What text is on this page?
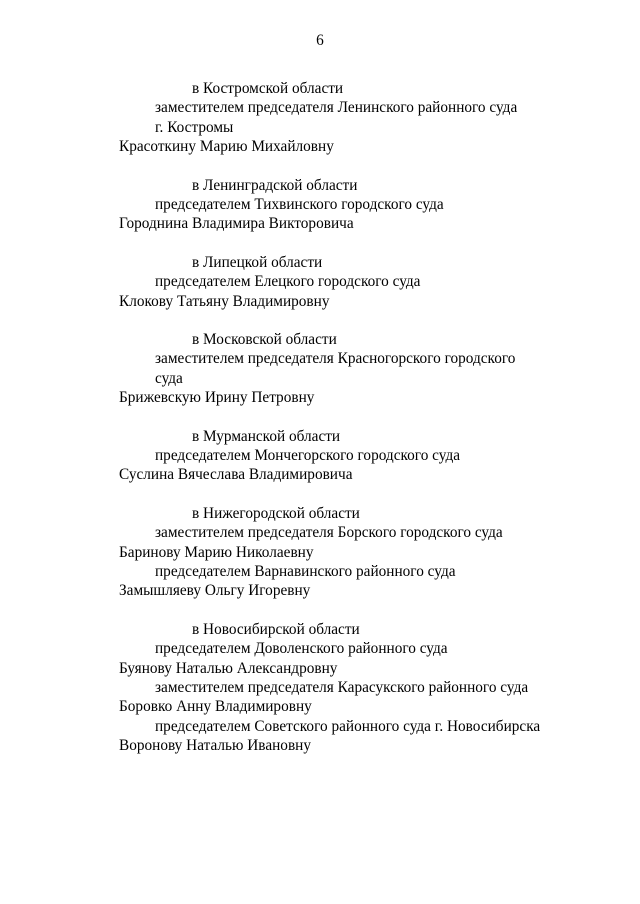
6
в Костромской области
заместителем председателя Ленинского районного суда
г. Костромы
Красоткину Марию Михайловну
в Ленинградской области
председателем Тихвинского городского суда
Городнина Владимира Викторовича
в Липецкой области
председателем Елецкого городского суда
Клокову Татьяну Владимировну
в Московской области
заместителем председателя Красногорского городского
суда
Брижевскую Ирину Петровну
в Мурманской области
председателем Мончегорского городского суда
Суслина Вячеслава Владимировича
в Нижегородской области
заместителем председателя Борского городского суда
Баринову Марию Николаевну
председателем Варнавинского районного суда
Замышляеву Ольгу Игоревну
в Новосибирской области
председателем Доволенского районного суда
Буянову Наталью Александровну
заместителем председателя Карасукского районного суда
Боровко Анну Владимировну
председателем Советского районного суда г. Новосибирска
Воронову Наталью Ивановну
